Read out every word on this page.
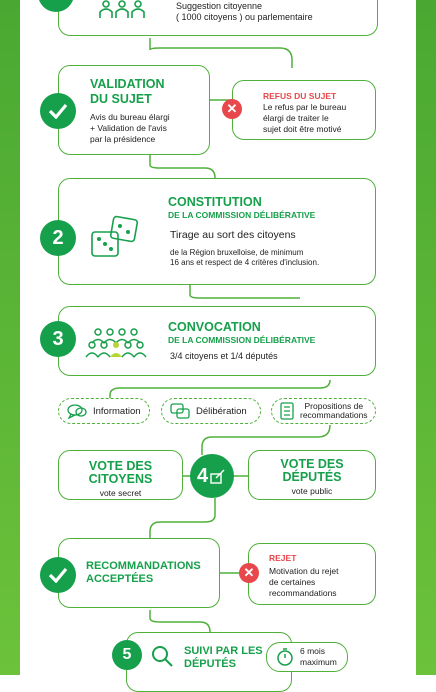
Suggestion citoyenne
( 1000 citoyens ) ou parlementaire
VALIDATION
DU SUJET
Avis du bureau élargi
+ Validation de l'avis
par la présidence
✕
REFUS DU SUJET
Le refus par le bureau
élargi de traiter le
sujet doit être motivé
2
CONSTITUTION
DE LA COMMISSION DÉLIBÉRATIVE
Tirage au sort des citoyens
de la Région bruxelloise, de minimum
16 ans et respect de 4 critères d'inclusion.
3
CONVOCATION
DE LA COMMISSION DÉLIBÉRATIVE
3/4 citoyens et 1/4 députés
Information	Délibération	Propositions de
recommandations
VOTE DES
CITOYENS
vote secret
4
VOTE DES
DÉPUTÉS
vote public
RECOMMANDATIONS
ACCEPTÉES	✕
REJET
Motivation du rejet
de certaines
recommandations
5	SUIVI PAR LES
DÉPUTÉS
6 mois
maximum
